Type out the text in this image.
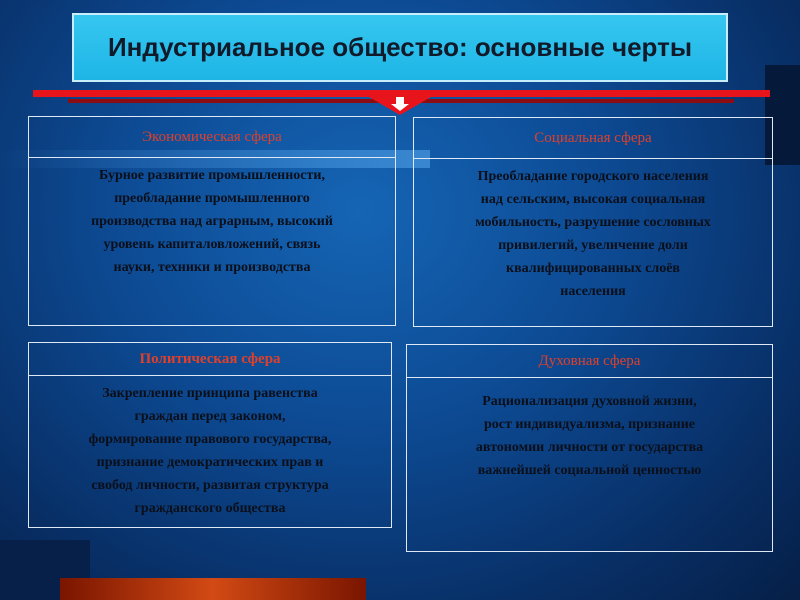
Индустриальное общество: основные черты
Экономическая сфера
Бурное развитие промышленности,
преобладание промышленного
производства над аграрным, высокий
уровень капиталовложений, связь
науки, техники и производства
Социальная сфера
Преобладание городского населения
над сельским, высокая социальная
мобильность, разрушение сословных
привилегий, увеличение доли
квалифицированных слоёв
населения
Политическая сфера
Закрепление принципа равенства
граждан перед законом,
формирование правового государства,
признание демократических прав и
свобод личности, развитая структура
гражданского общества
Духовная сфера
Рационализация духовной жизни,
рост индивидуализма, признание
автономии личности от государства
важнейшей социальной ценностью
